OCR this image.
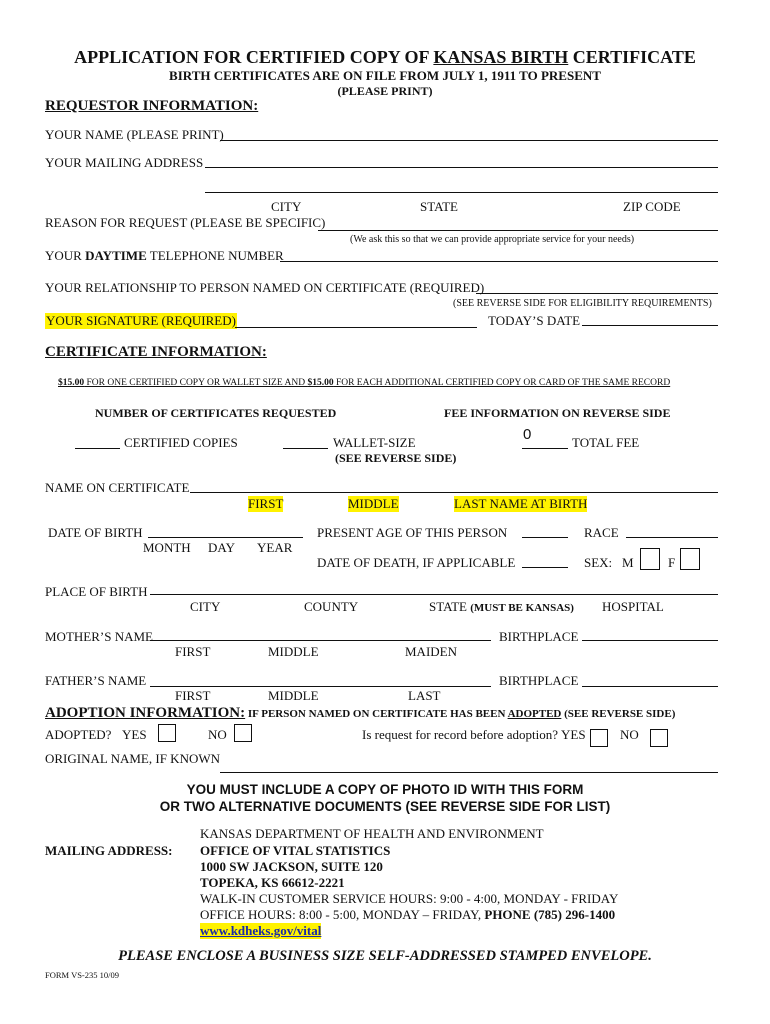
APPLICATION FOR CERTIFIED COPY OF KANSAS BIRTH CERTIFICATE
BIRTH CERTIFICATES ARE ON FILE FROM JULY 1, 1911 TO PRESENT
(PLEASE PRINT)
REQUESTOR INFORMATION:
YOUR NAME (PLEASE PRINT)
YOUR MAILING ADDRESS
CITY	STATE	ZIP CODE
REASON FOR REQUEST (PLEASE BE SPECIFIC)
(We ask this so that we can provide appropriate service for your needs)
YOUR DAYTIME TELEPHONE NUMBER
YOUR RELATIONSHIP TO PERSON NAMED ON CERTIFICATE (REQUIRED)
(SEE REVERSE SIDE FOR ELIGIBILITY REQUIREMENTS)
YOUR SIGNATURE (REQUIRED)	TODAY’S DATE
CERTIFICATE INFORMATION:
$15.00 FOR ONE CERTIFIED COPY OR WALLET SIZE AND $15.00 FOR EACH ADDITIONAL CERTIFIED COPY OR CARD OF THE SAME RECORD
NUMBER OF CERTIFICATES REQUESTED	FEE INFORMATION ON REVERSE SIDE
CERTIFIED COPIES	WALLET-SIZE
(SEE REVERSE SIDE)
0	TOTAL FEE
NAME ON CERTIFICATE
FIRST	MIDDLE	LAST NAME AT BIRTH
DATE OF BIRTH
MONTH DAY YEAR
PRESENT AGE OF THIS PERSON	RACE
DATE OF DEATH, IF APPLICABLE	SEX: M	F
PLACE OF BIRTH
CITY	COUNTY	STATE (MUST BE KANSAS) HOSPITAL
MOTHER’S NAME	BIRTHPLACE
FIRST	MIDDLE	MAIDEN
FATHER’S NAME	BIRTHPLACE
FIRST	MIDDLE	LAST
ADOPTION INFORMATION: IF PERSON NAMED ON CERTIFICATE HAS BEEN ADOPTED (SEE REVERSE SIDE)
ADOPTED? YES	NO	Is request for record before adoption? YES	NO
ORIGINAL NAME, IF KNOWN
YOU MUST INCLUDE A COPY OF PHOTO ID WITH THIS FORM
OR TWO ALTERNATIVE DOCUMENTS (SEE REVERSE SIDE FOR LIST)
MAILING ADDRESS:
KANSAS DEPARTMENT OF HEALTH AND ENVIRONMENT
OFFICE OF VITAL STATISTICS
1000 SW JACKSON, SUITE 120
TOPEKA, KS 66612-2221
WALK-IN CUSTOMER SERVICE HOURS: 9:00 - 4:00, MONDAY - FRIDAY
OFFICE HOURS: 8:00 - 5:00, MONDAY – FRIDAY, PHONE (785) 296-1400
www.kdheks.gov/vital
PLEASE ENCLOSE A BUSINESS SIZE SELF-ADDRESSED STAMPED ENVELOPE.
FORM VS-235 10/09
